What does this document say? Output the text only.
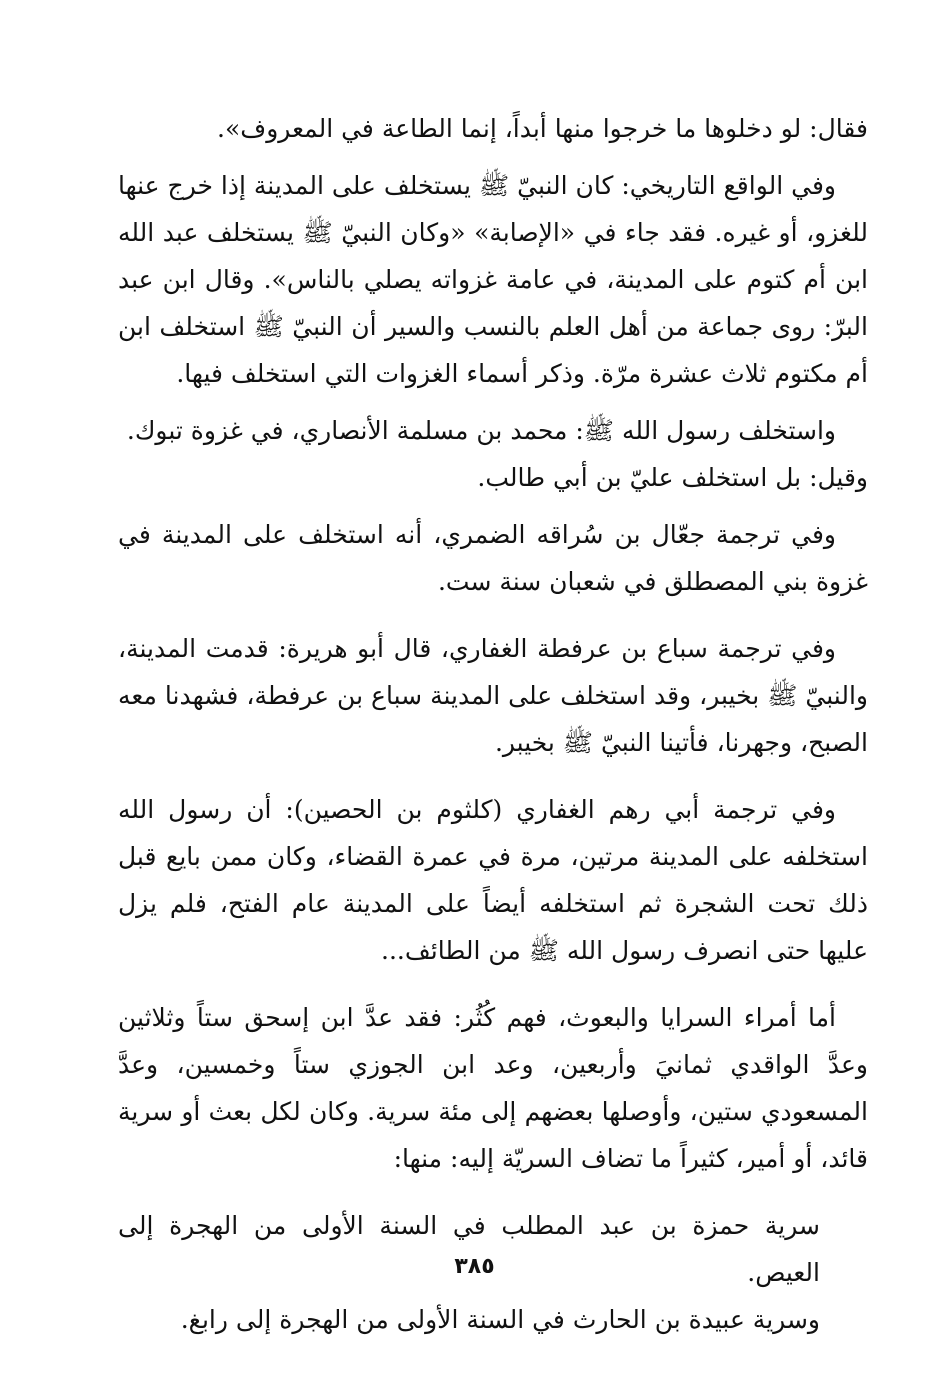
فقال: لو دخلوها ما خرجوا منها أبداً، إنما الطاعة في المعروف».

وفي الواقع التاريخي: كان النبيّ ﷺ يستخلف على المدينة إذا خرج عنها للغزو، أو غيره. فقد جاء في «الإصابة» «وكان النبيّ ﷺ يستخلف عبد الله ابن أم كتوم على المدينة، في عامة غزواته يصلي بالناس». وقال ابن عبد البرّ: روى جماعة من أهل العلم بالنسب والسير أن النبيّ ﷺ استخلف ابن أم مكتوم ثلاث عشرة مرّة. وذكر أسماء الغزوات التي استخلف فيها.

واستخلف رسول الله ﷺ: محمد بن مسلمة الأنصاري، في غزوة تبوك.

وقيل: بل استخلف عليّ بن أبي طالب.

وفي ترجمة جعّال بن سُراقه الضمري، أنه استخلف على المدينة في غزوة بني المصطلق في شعبان سنة ست.

وفي ترجمة سباع بن عرفطة الغفاري، قال أبو هريرة: قدمت المدينة، والنبيّ ﷺ بخيبر، وقد استخلف على المدينة سباع بن عرفطة، فشهدنا معه الصبح، وجهرنا، فأتينا النبيّ ﷺ بخيبر.

وفي ترجمة أبي رهم الغفاري (كلثوم بن الحصين): أن رسول الله استخلفه على المدينة مرتين، مرة في عمرة القضاء، وكان ممن بايع قبل ذلك تحت الشجرة ثم استخلفه أيضاً على المدينة عام الفتح، فلم يزل عليها حتى انصرف رسول الله ﷺ من الطائف...

أما أمراء السرايا والبعوث، فهم كُثُر: فقد عدَّ ابن إسحق ستاً وثلاثين وعدَّ الواقدي ثمانيَ وأربعين، وعد ابن الجوزي ستاً وخمسين، وعدَّ المسعودي ستين، وأوصلها بعضهم إلى مئة سرية. وكان لكل بعث أو سرية قائد، أو أمير، كثيراً ما تضاف السريّة إليه: منها:

سرية حمزة بن عبد المطلب في السنة الأولى من الهجرة إلى العيص.

وسرية عبيدة بن الحارث في السنة الأولى من الهجرة إلى رابغ.

٣٨٥
